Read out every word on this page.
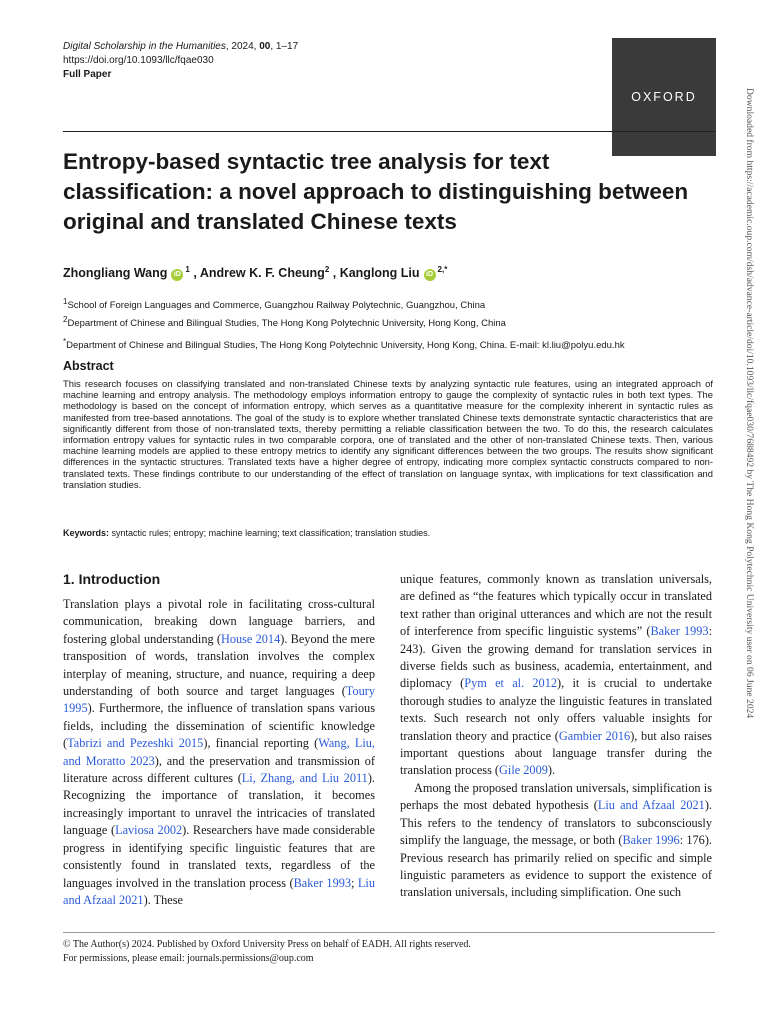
Digital Scholarship in the Humanities, 2024, 00, 1–17
https://doi.org/10.1093/llc/fqae030
Full Paper
OXFORD	Downloaded from https://academic.oup.com/dsh/advance-article/doi/10.1093/llc/fqae030/7688492 by The Hong Kong Polytechnic University user on 06 June 2024
Entropy-based syntactic tree analysis for text classification: a novel approach to distinguishing between original and translated Chinese texts
Zhongliang Wang $iD^1$ , Andrew K. F. Cheung$^2$ , Kanglong Liu $iD^{2,*}$
$^1$School of Foreign Languages and Commerce, Guangzhou Railway Polytechnic, Guangzhou, China
$^2$Department of Chinese and Bilingual Studies, The Hong Kong Polytechnic University, Hong Kong, China
*Department of Chinese and Bilingual Studies, The Hong Kong Polytechnic University, Hong Kong, China. E-mail: kl.liu@polyu.edu.hk
Abstract

This research focuses on classifying translated and non-translated Chinese texts by analyzing syntactic rule features, using an integrated approach of machine learning and entropy analysis. The methodology employs information entropy to gauge the complexity of syntactic rules in both text types. The methodology is based on the concept of information entropy, which serves as a quantitative measure for the complexity inherent in syntactic rules as manifested from tree-based annotations. The goal of the study is to explore whether translated Chinese texts demonstrate syntactic characteristics that are significantly different from those of non-translated texts, thereby permitting a reliable classification between the two. To do this, the research calculates information entropy values for syntactic rules in two comparable corpora, one of translated and the other of non-translated Chinese texts. Then, various machine learning models are applied to these entropy metrics to identify any significant differences between the two groups. The results show significant differences in the syntactic structures. Translated texts have a higher degree of entropy, indicating more complex syntactic constructs compared to non-translated texts. These findings contribute to our understanding of the effect of translation on language syntax, with implications for text classification and translation studies.

Keywords: syntactic rules; entropy; machine learning; text classification; translation studies.
1. Introduction

Translation plays a pivotal role in facilitating cross-cultural communication, breaking down language barriers, and fostering global understanding (House 2014). Beyond the mere transposition of words, translation involves the complex interplay of meaning, structure, and nuance, requiring a deep understanding of both source and target languages (Toury 1995). Furthermore, the influence of translation spans various fields, including the dissemination of scientific knowledge (Tabrizi and Pezeshki 2015), financial reporting (Wang, Liu, and Moratto 2023), and the preservation and transmission of literature across different cultures (Li, Zhang, and Liu 2011). Recognizing the importance of translation, it becomes increasingly important to unravel the intricacies of translated language (Laviosa 2002). Researchers have made considerable progress in identifying specific linguistic features that are consistently found in translated texts, regardless of the languages involved in the translation process (Baker 1993; Liu and Afzaal 2021). These

unique features, commonly known as translation universals, are defined as “the features which typically occur in translated text rather than original utterances and which are not the result of interference from specific linguistic systems” (Baker 1993: 243). Given the growing demand for translation services in diverse fields such as business, academia, entertainment, and diplomacy (Pym et al. 2012), it is crucial to undertake thorough studies to analyze the linguistic features in translated texts. Such research not only offers valuable insights for translation theory and practice (Gambier 2016), but also raises important questions about language transfer during the translation process (Gile 2009).

Among the proposed translation universals, simplification is perhaps the most debated hypothesis (Liu and Afzaal 2021). This refers to the tendency of translators to subconsciously simplify the language, the message, or both (Baker 1996: 176). Previous research has primarily relied on specific and simple linguistic parameters as evidence to support the existence of translation universals, including simplification. One such

© The Author(s) 2024. Published by Oxford University Press on behalf of EADH. All rights reserved.
For permissions, please email: journals.permissions@oup.com
